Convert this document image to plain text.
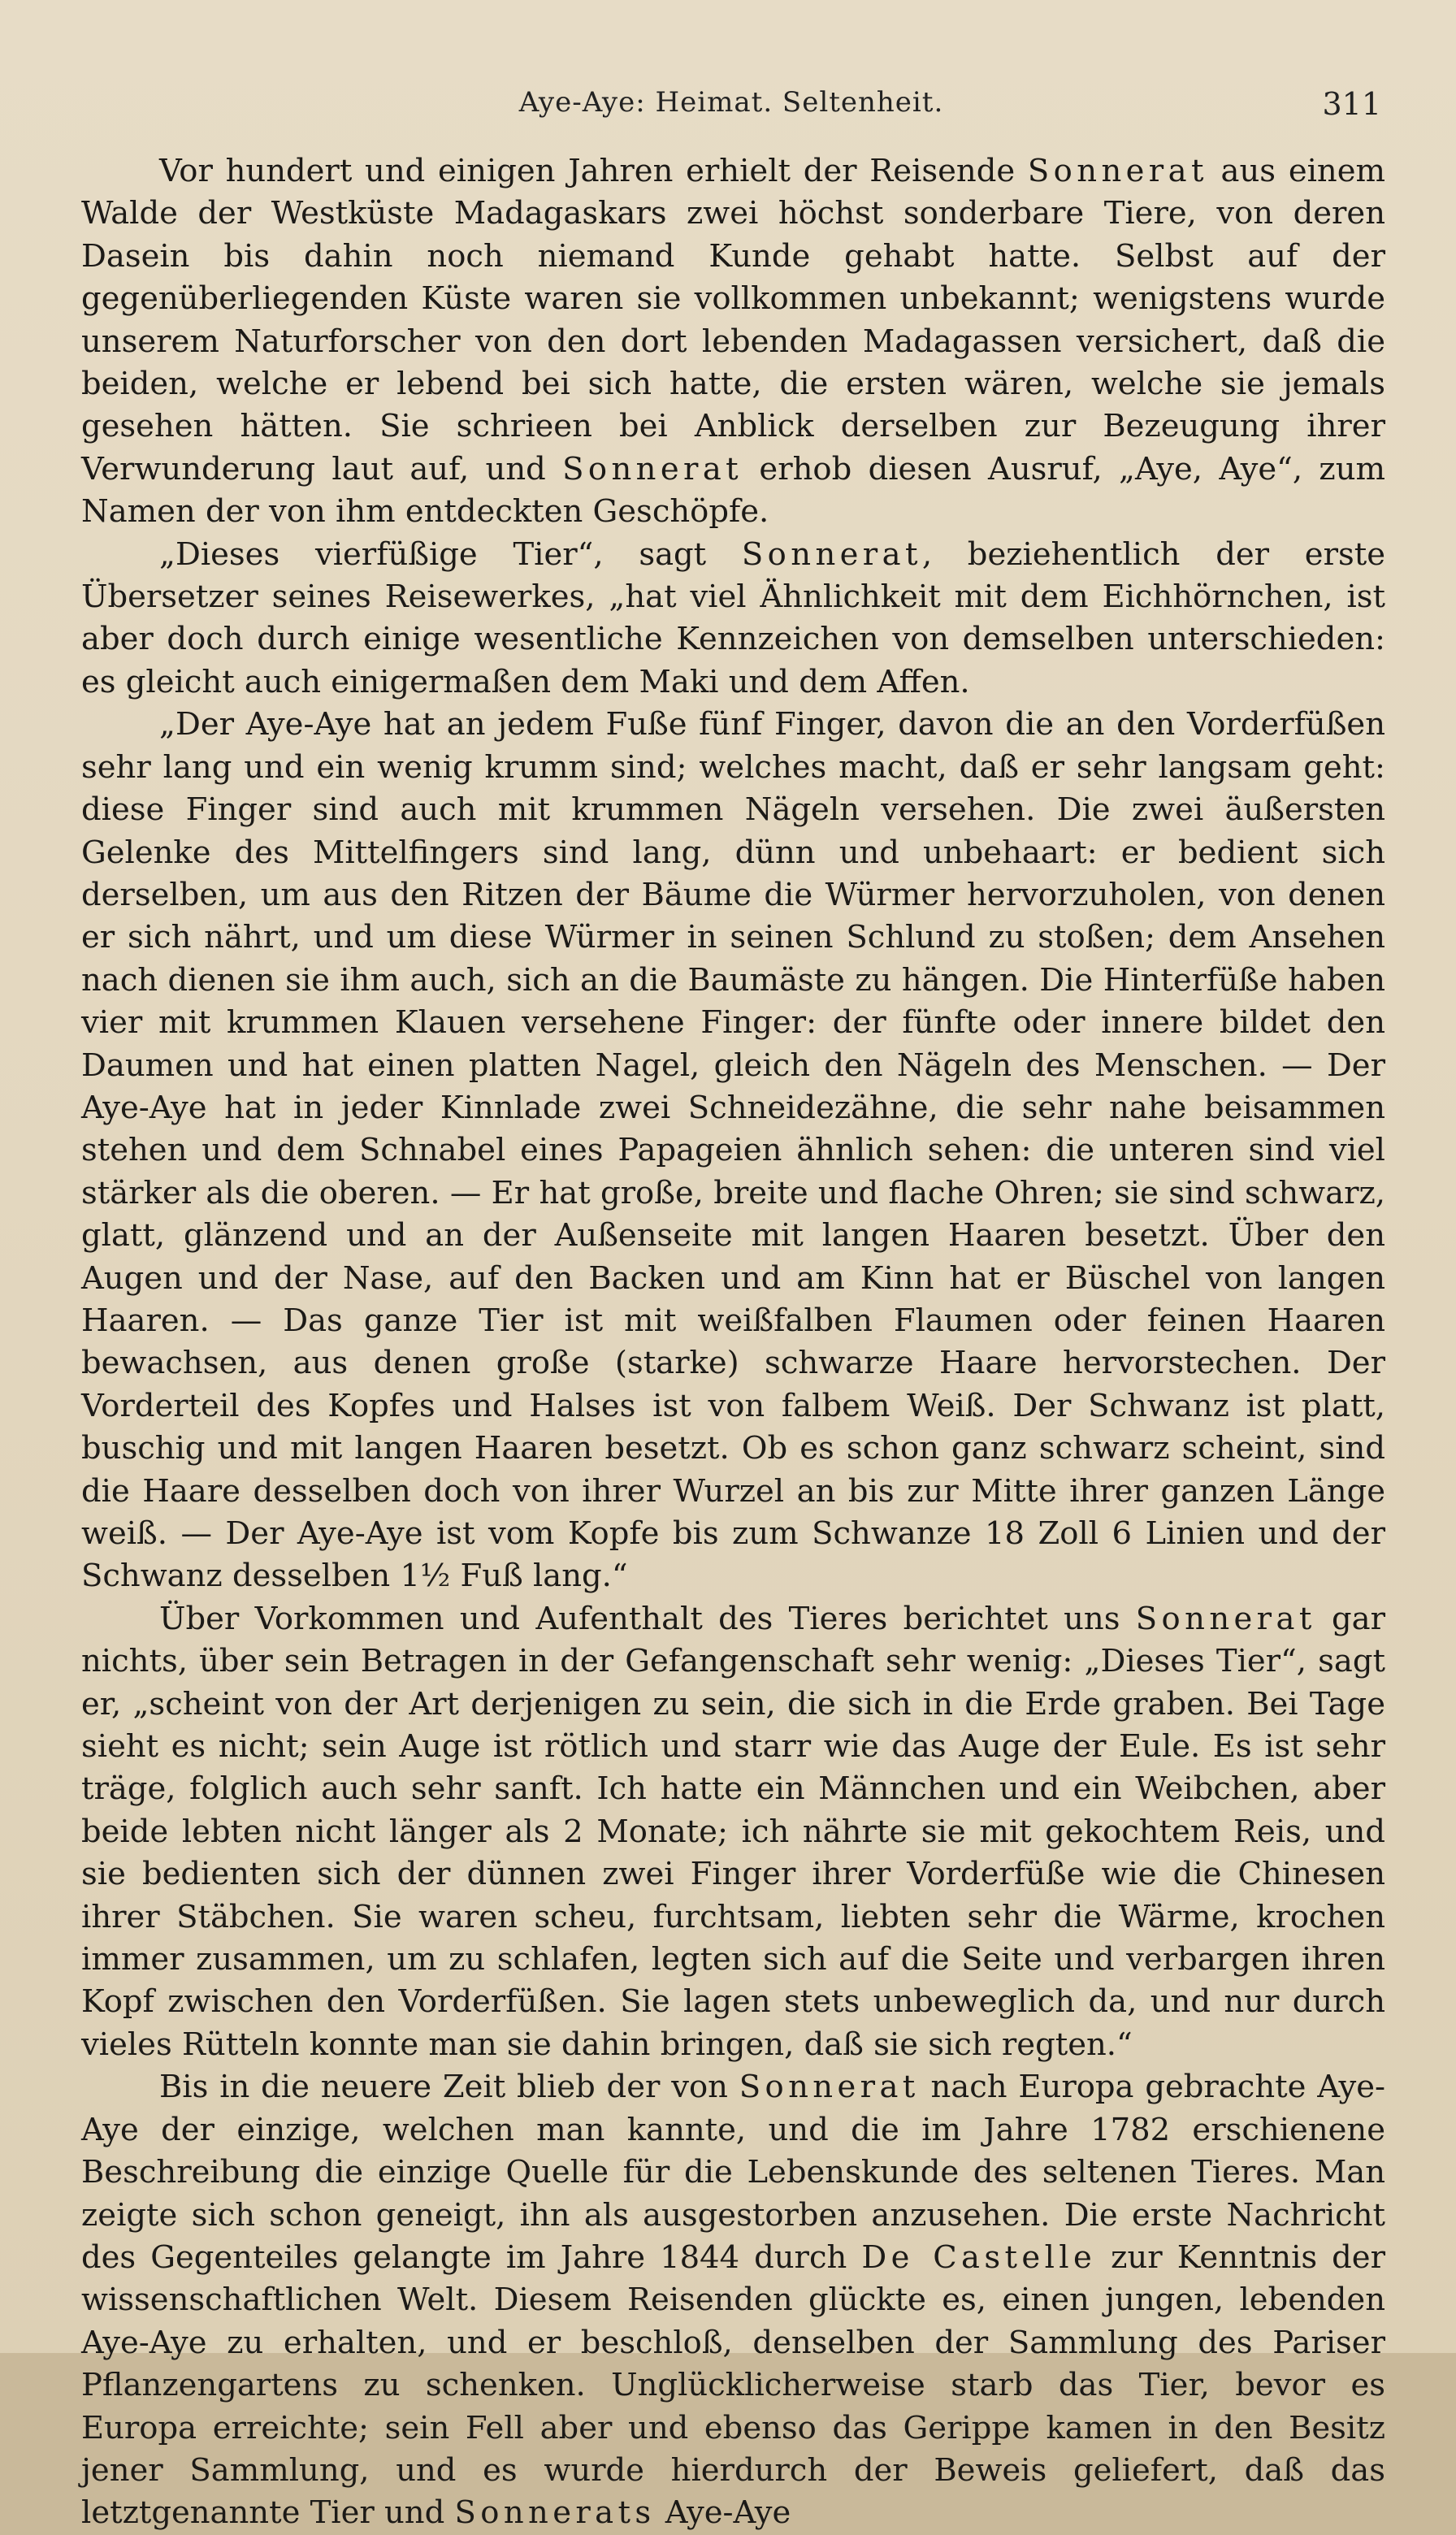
Aye-Aye: Heimat. Seltenheit.	311

Vor hundert und einigen Jahren erhielt der Reisende Sonnerat aus einem Walde der Westküste Madagaskars zwei höchst sonderbare Tiere, von deren Dasein bis dahin noch niemand Kunde gehabt hatte. Selbst auf der gegenüberliegenden Küste waren sie vollkommen unbekannt; wenigstens wurde unserem Naturforscher von den dort lebenden Madagassen versichert, daß die beiden, welche er lebend bei sich hatte, die ersten wären, welche sie jemals gesehen hätten. Sie schrieen bei Anblick derselben zur Bezeugung ihrer Verwunderung laut auf, und Sonnerat erhob diesen Ausruf, „Aye, Aye“, zum Namen der von ihm entdeckten Geschöpfe.

„Dieses vierfüßige Tier“, sagt Sonnerat, beziehentlich der erste Übersetzer seines Reisewerkes, „hat viel Ähnlichkeit mit dem Eichhörnchen, ist aber doch durch einige wesentliche Kennzeichen von demselben unterschieden: es gleicht auch einigermaßen dem Maki und dem Affen.

„Der Aye-Aye hat an jedem Fuße fünf Finger, davon die an den Vorderfüßen sehr lang und ein wenig krumm sind; welches macht, daß er sehr langsam geht: diese Finger sind auch mit krummen Nägeln versehen. Die zwei äußersten Gelenke des Mittelfingers sind lang, dünn und unbehaart: er bedient sich derselben, um aus den Ritzen der Bäume die Würmer hervorzuholen, von denen er sich nährt, und um diese Würmer in seinen Schlund zu stoßen; dem Ansehen nach dienen sie ihm auch, sich an die Baumäste zu hängen. Die Hinterfüße haben vier mit krummen Klauen versehene Finger: der fünfte oder innere bildet den Daumen und hat einen platten Nagel, gleich den Nägeln des Menschen. — Der Aye-Aye hat in jeder Kinnlade zwei Schneidezähne, die sehr nahe beisammen stehen und dem Schnabel eines Papageien ähnlich sehen: die unteren sind viel stärker als die oberen. — Er hat große, breite und flache Ohren; sie sind schwarz, glatt, glänzend und an der Außenseite mit langen Haaren besetzt. Über den Augen und der Nase, auf den Backen und am Kinn hat er Büschel von langen Haaren. — Das ganze Tier ist mit weißfalben Flaumen oder feinen Haaren bewachsen, aus denen große (starke) schwarze Haare hervorstechen. Der Vorderteil des Kopfes und Halses ist von falbem Weiß. Der Schwanz ist platt, buschig und mit langen Haaren besetzt. Ob es schon ganz schwarz scheint, sind die Haare desselben doch von ihrer Wurzel an bis zur Mitte ihrer ganzen Länge weiß. — Der Aye-Aye ist vom Kopfe bis zum Schwanze 18 Zoll 6 Linien und der Schwanz desselben 1½ Fuß lang.“

Über Vorkommen und Aufenthalt des Tieres berichtet uns Sonnerat gar nichts, über sein Betragen in der Gefangenschaft sehr wenig: „Dieses Tier“, sagt er, „scheint von der Art derjenigen zu sein, die sich in die Erde graben. Bei Tage sieht es nicht; sein Auge ist rötlich und starr wie das Auge der Eule. Es ist sehr träge, folglich auch sehr sanft. Ich hatte ein Männchen und ein Weibchen, aber beide lebten nicht länger als 2 Monate; ich nährte sie mit gekochtem Reis, und sie bedienten sich der dünnen zwei Finger ihrer Vorderfüße wie die Chinesen ihrer Stäbchen. Sie waren scheu, furchtsam, liebten sehr die Wärme, krochen immer zusammen, um zu schlafen, legten sich auf die Seite und verbargen ihren Kopf zwischen den Vorderfüßen. Sie lagen stets unbeweglich da, und nur durch vieles Rütteln konnte man sie dahin bringen, daß sie sich regten.“

Bis in die neuere Zeit blieb der von Sonnerat nach Europa gebrachte Aye-Aye der einzige, welchen man kannte, und die im Jahre 1782 erschienene Beschreibung die einzige Quelle für die Lebenskunde des seltenen Tieres. Man zeigte sich schon geneigt, ihn als ausgestorben anzusehen. Die erste Nachricht des Gegenteiles gelangte im Jahre 1844 durch De Castelle zur Kenntnis der wissenschaftlichen Welt. Diesem Reisenden glückte es, einen jungen, lebenden Aye-Aye zu erhalten, und er beschloß, denselben der Sammlung des Pariser Pflanzengartens zu schenken. Unglücklicherweise starb das Tier, bevor es Europa erreichte; sein Fell aber und ebenso das Gerippe kamen in den Besitz jener Sammlung, und es wurde hierdurch der Beweis geliefert, daß das letztgenannte Tier und Sonnerats Aye-Aye
